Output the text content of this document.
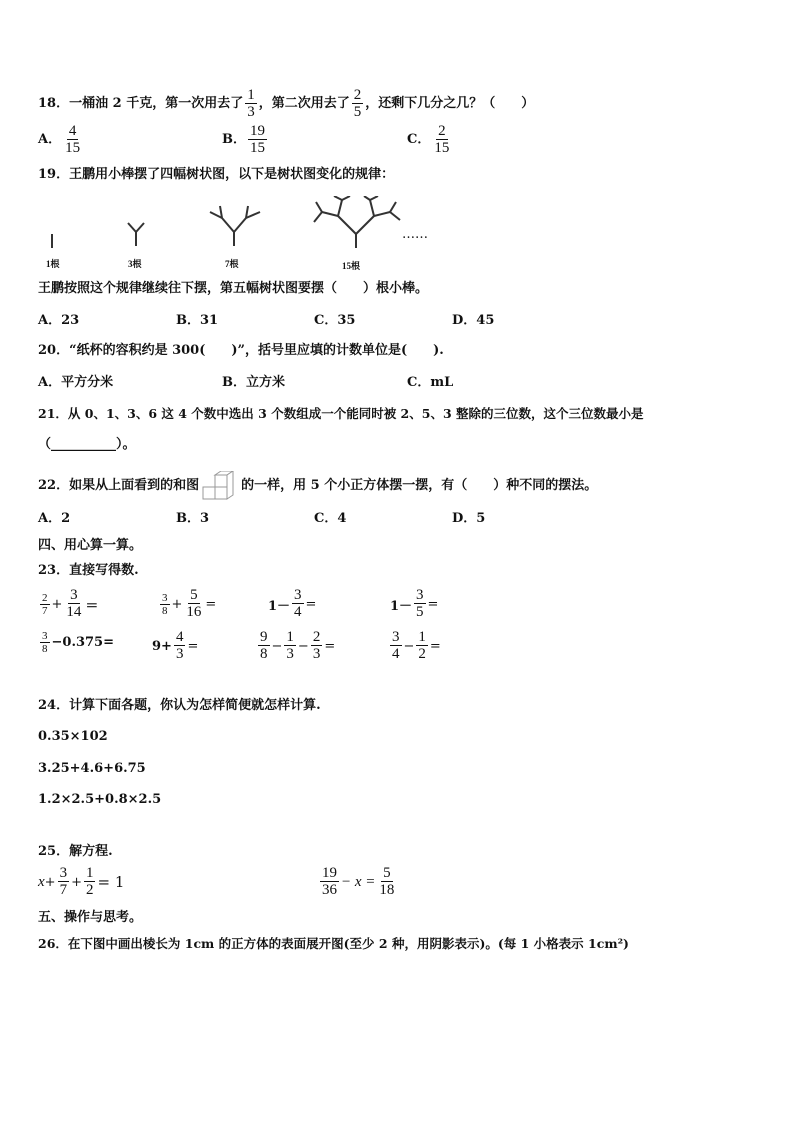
18．一桶油 2 千克，第一次用去了 $\frac{1}{3}$ ，第二次用去了 $\frac{2}{5}$ ，还剩下几分之几？（　　）
A． $\frac{4}{15}$	B． $\frac{19}{15}$	C． $\frac{2}{15}$
19．王鹏用小棒摆了四幅树状图，以下是树状图变化的规律：
1根	3根	7根	15根
……
王鹏按照这个规律继续往下摆，第五幅树状图要摆（　　）根小棒。
A．23	B．31	C．35	D．45
20．“纸杯的容积约是 300(　　)”，括号里应填的计数单位是(　　).
A．平方分米	B．立方米	C．mL
21．从 0、1、3、6 这 4 个数中选出 3 个数组成一个能同时被 2、5、3 整除的三位数，这个三位数最小是
（__________）。
22．如果从上面看到的和图	的一样，用 5 个小正方体摆一摆，有（　　）种不同的摆法。
A．2	B．3	C．4	D．5
四、用心算一算。
23．直接写得数.
$\frac{2}{7} + \frac{3}{14}$ ＝	$\frac{3}{8} + \frac{5}{16}$ =	$1- \frac{3}{4}$ =	$1- \frac{3}{5}$ =
$\frac{3}{8} -0.375=$	$9+ \frac{4}{3}$ =	$\frac{9}{8} - \frac{1}{3} - \frac{2}{3}$ =	$\frac{3}{4} - \frac{1}{2}$ =
24．计算下面各题，你认为怎样简便就怎样计算.
0.35×102
3.25+4.6+6.75
1.2×2.5+0.8×2.5
25．解方程.
$x + \frac{3}{7} + \frac{1}{2} = 1$	$\frac{19}{36} - x = \frac{5}{18}$
五、操作与思考。
26．在下图中画出棱长为 1cm 的正方体的表面展开图(至少 2 种，用阴影表示)。(每 1 小格表示 1cm²)
